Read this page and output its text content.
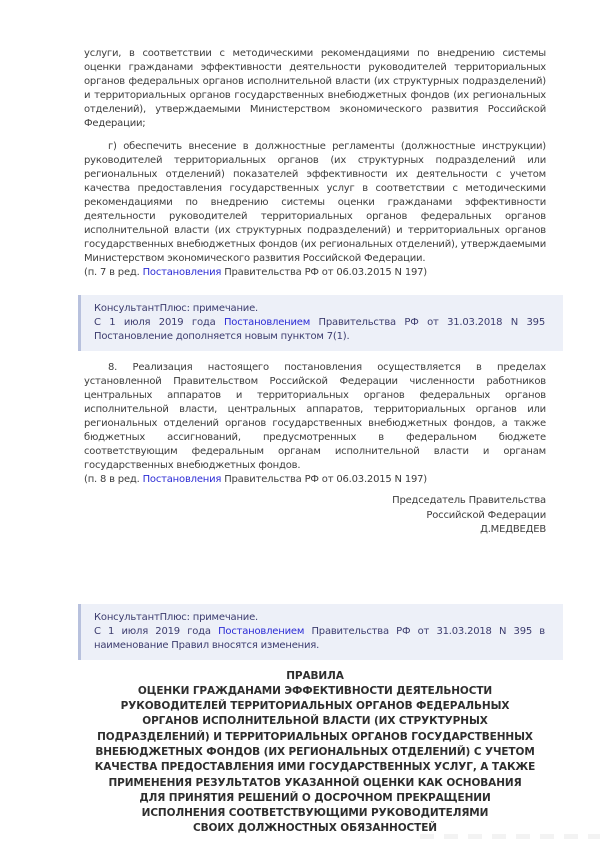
услуги, в соответствии с методическими рекомендациями по внедрению системы оценки гражданами эффективности деятельности руководителей территориальных органов федеральных органов исполнительной власти (их структурных подразделений) и территориальных органов государственных внебюджетных фондов (их региональных отделений), утверждаемыми Министерством экономического развития Российской Федерации;

г) обеспечить внесение в должностные регламенты (должностные инструкции) руководителей территориальных органов (их структурных подразделений или региональных отделений) показателей эффективности их деятельности с учетом качества предоставления государственных услуг в соответствии с методическими рекомендациями по внедрению системы оценки гражданами эффективности деятельности руководителей территориальных органов федеральных органов исполнительной власти (их структурных подразделений) и территориальных органов государственных внебюджетных фондов (их региональных отделений), утверждаемыми Министерством экономического развития Российской Федерации.

(п. 7 в ред. Постановления Правительства РФ от 06.03.2015 N 197)

КонсультантПлюс: примечание.
С 1 июля 2019 года Постановлением Правительства РФ от 31.03.2018 N 395 Постановление дополняется новым пунктом 7(1).

8. Реализация настоящего постановления осуществляется в пределах установленной Правительством Российской Федерации численности работников центральных аппаратов и территориальных органов федеральных органов исполнительной власти, центральных аппаратов, территориальных органов или региональных отделений органов государственных внебюджетных фондов, а также бюджетных ассигнований, предусмотренных в федеральном бюджете соответствующим федеральным органам исполнительной власти и органам государственных внебюджетных фондов.

(п. 8 в ред. Постановления Правительства РФ от 06.03.2015 N 197)

Председатель Правительства
Российской Федерации
Д.МЕДВЕДЕВ
КонсультантПлюс: примечание.
С 1 июля 2019 года Постановлением Правительства РФ от 31.03.2018 N 395 в наименование Правил вносятся изменения.
ПРАВИЛА
ОЦЕНКИ ГРАЖДАНАМИ ЭФФЕКТИВНОСТИ ДЕЯТЕЛЬНОСТИ
РУКОВОДИТЕЛЕЙ ТЕРРИТОРИАЛЬНЫХ ОРГАНОВ ФЕДЕРАЛЬНЫХ
ОРГАНОВ ИСПОЛНИТЕЛЬНОЙ ВЛАСТИ (ИХ СТРУКТУРНЫХ
ПОДРАЗДЕЛЕНИЙ) И ТЕРРИТОРИАЛЬНЫХ ОРГАНОВ ГОСУДАРСТВЕННЫХ
ВНЕБЮДЖЕТНЫХ ФОНДОВ (ИХ РЕГИОНАЛЬНЫХ ОТДЕЛЕНИЙ) С УЧЕТОМ
КАЧЕСТВА ПРЕДОСТАВЛЕНИЯ ИМИ ГОСУДАРСТВЕННЫХ УСЛУГ, А ТАКЖЕ
ПРИМЕНЕНИЯ РЕЗУЛЬТАТОВ УКАЗАННОЙ ОЦЕНКИ КАК ОСНОВАНИЯ
ДЛЯ ПРИНЯТИЯ РЕШЕНИЙ О ДОСРОЧНОМ ПРЕКРАЩЕНИИ
ИСПОЛНЕНИЯ СООТВЕТСТВУЮЩИМИ РУКОВОДИТЕЛЯМИ
СВОИХ ДОЛЖНОСТНЫХ ОБЯЗАННОСТЕЙ
